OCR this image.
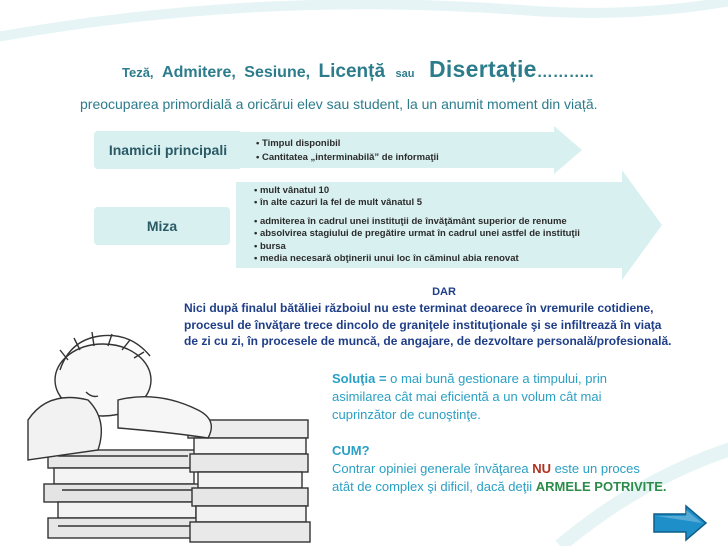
Teză, Admitere, Sesiune, Licență sau Disertație………..
preocuparea primordială a oricărui elev sau student, la un anumit moment din viață.
Inamicii principali	• Timpul disponibil
• Cantitatea „interminabilă” de informaţii
Miza
• mult vânatul 10
• în alte cazuri la fel de mult vânatul 5
• admiterea în cadrul unei instituţii de învăţământ superior de renume
• absolvirea stagiului de pregătire urmat în cadrul unei astfel de instituţii
• bursa
• media necesară obţinerii unui loc în căminul abia renovat
DAR
Nici după finalul bătăliei războiul nu este terminat deoarece în vremurile cotidiene,
procesul de învăţare trece dincolo de graniţele instituţionale şi se infiltrează în viaţa
de zi cu zi, în procesele de muncă, de angajare, de dezvoltare personală/profesională.
Soluţia = o mai bună gestionare a timpului, prin
asimilarea cât mai eficientă a un volum cât mai
cuprinzător de cunoştinţe.
CUM?
Contrar opiniei generale învăţarea NU este un proces
atât de complex şi dificil, dacă deţii ARMELE POTRIVITE.
